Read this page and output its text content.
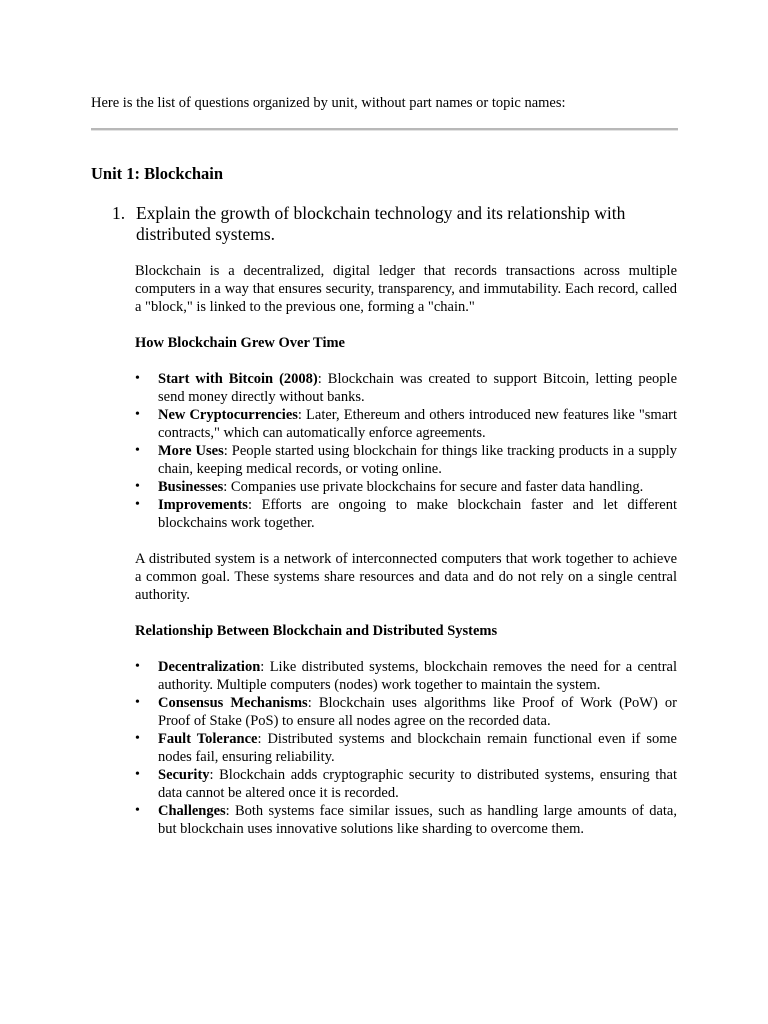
Here is the list of questions organized by unit, without part names or topic names:

Unit 1: Blockchain
1. Explain the growth of blockchain technology and its relationship with distributed systems.

Blockchain is a decentralized, digital ledger that records transactions across multiple computers in a way that ensures security, transparency, and immutability. Each record, called a "block," is linked to the previous one, forming a "chain."

How Blockchain Grew Over Time

•	Start with Bitcoin (2008): Blockchain was created to support Bitcoin, letting people send money directly without banks.
•	New Cryptocurrencies: Later, Ethereum and others introduced new features like "smart contracts," which can automatically enforce agreements.
•	More Uses: People started using blockchain for things like tracking products in a supply chain, keeping medical records, or voting online.
•	Businesses: Companies use private blockchains for secure and faster data handling.
•	Improvements: Efforts are ongoing to make blockchain faster and let different blockchains work together.

A distributed system is a network of interconnected computers that work together to achieve a common goal. These systems share resources and data and do not rely on a single central authority.

Relationship Between Blockchain and Distributed Systems

•	Decentralization: Like distributed systems, blockchain removes the need for a central authority. Multiple computers (nodes) work together to maintain the system.
•	Consensus Mechanisms: Blockchain uses algorithms like Proof of Work (PoW) or Proof of Stake (PoS) to ensure all nodes agree on the recorded data.
•	Fault Tolerance: Distributed systems and blockchain remain functional even if some nodes fail, ensuring reliability.
•	Security: Blockchain adds cryptographic security to distributed systems, ensuring that data cannot be altered once it is recorded.
•	Challenges: Both systems face similar issues, such as handling large amounts of data, but blockchain uses innovative solutions like sharding to overcome them.
